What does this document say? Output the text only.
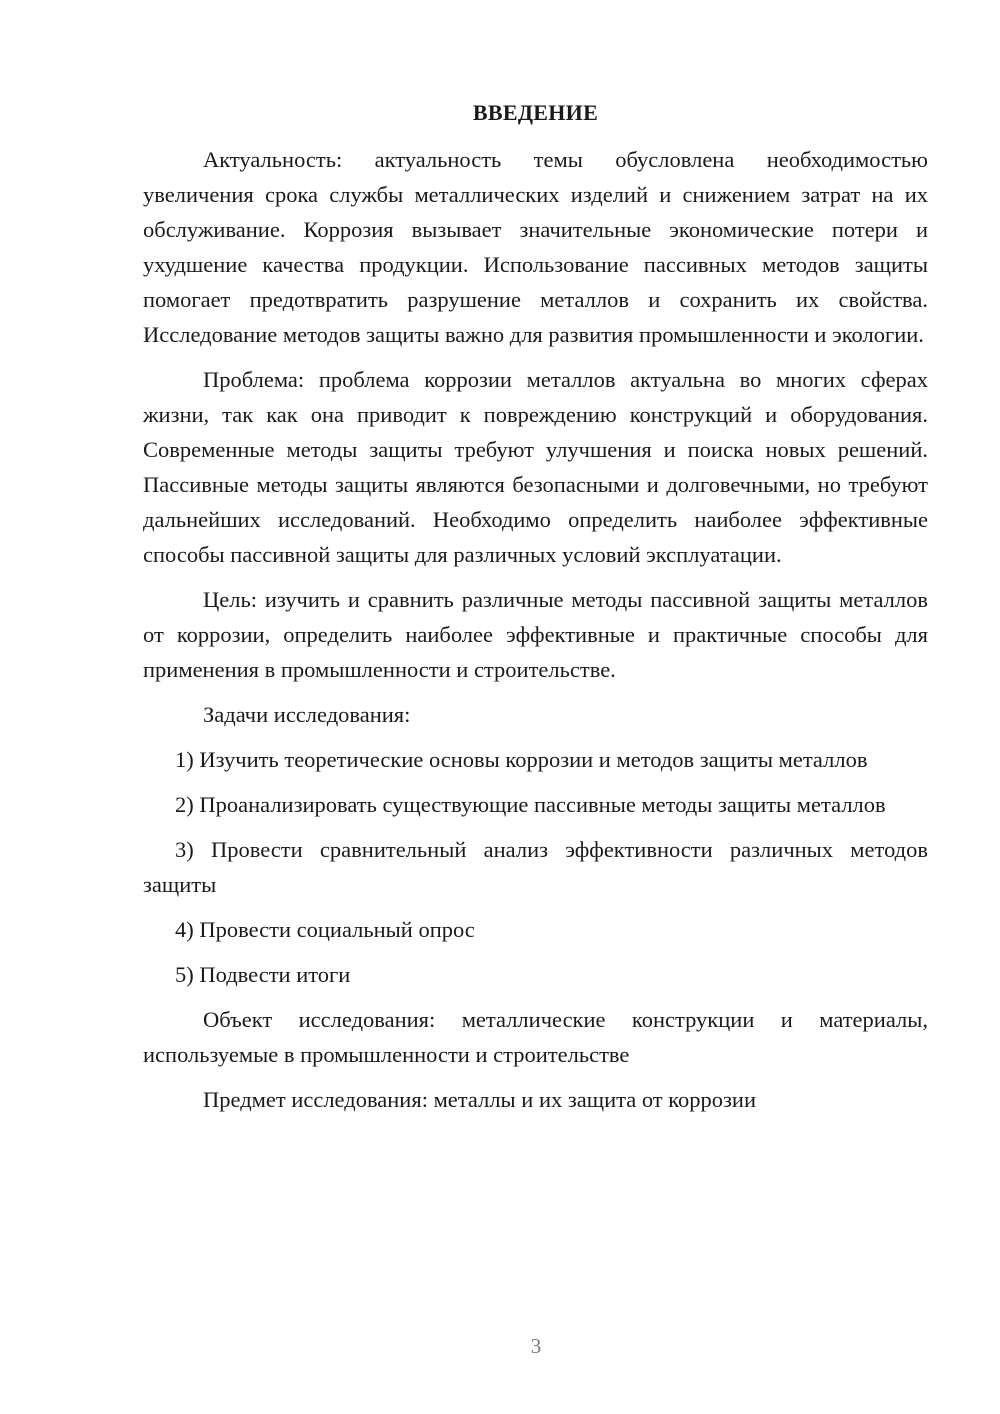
ВВЕДЕНИЕ

Актуальность: актуальность темы обусловлена необходимостью увеличения срока службы металлических изделий и снижением затрат на их обслуживание. Коррозия вызывает значительные экономические потери и ухудшение качества продукции. Использование пассивных методов защиты помогает предотвратить разрушение металлов и сохранить их свойства. Исследование методов защиты важно для развития промышленности и экологии.

Проблема: проблема коррозии металлов актуальна во многих сферах жизни, так как она приводит к повреждению конструкций и оборудования. Современные методы защиты требуют улучшения и поиска новых решений. Пассивные методы защиты являются безопасными и долговечными, но требуют дальнейших исследований. Необходимо определить наиболее эффективные способы пассивной защиты для различных условий эксплуатации.

Цель: изучить и сравнить различные методы пассивной защиты металлов от коррозии, определить наиболее эффективные и практичные способы для применения в промышленности и строительстве.

Задачи исследования:

1) Изучить теоретические основы коррозии и методов защиты металлов

2) Проанализировать существующие пассивные методы защиты металлов

3) Провести сравнительный анализ эффективности различных методов защиты

4) Провести социальный опрос

5) Подвести итоги

Объект исследования: металлические конструкции и материалы, используемые в промышленности и строительстве

Предмет исследования: металлы и их защита от коррозии

3
